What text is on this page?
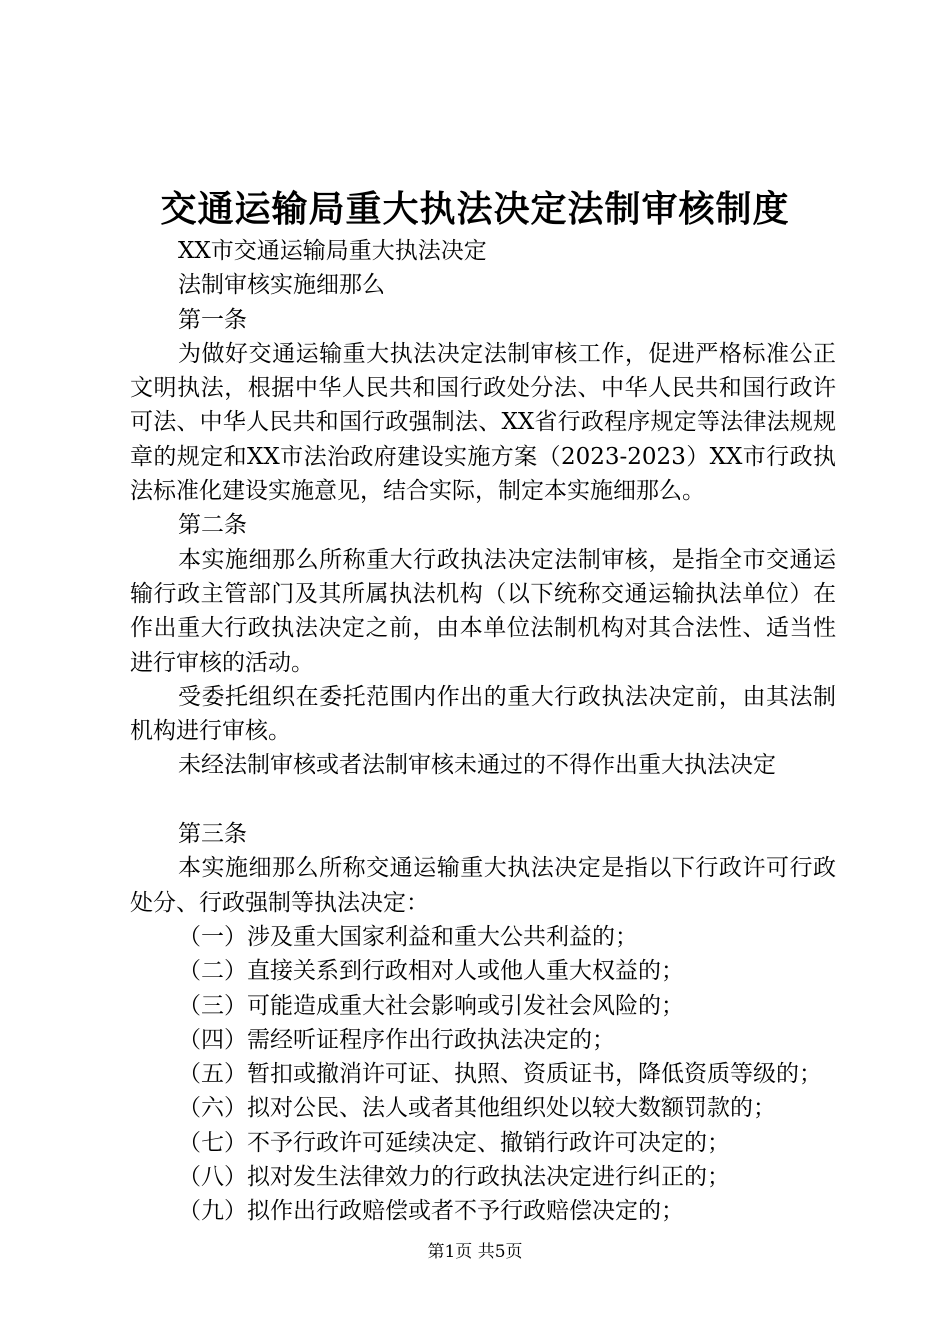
交通运输局重大执法决定法制审核制度

XX市交通运输局重大执法决定

法制审核实施细那么

第一条

为做好交通运输重大执法决定法制审核工作，促进严格标准公正文明执法，根据中华人民共和国行政处分法、中华人民共和国行政许可法、中华人民共和国行政强制法、XX省行政程序规定等法律法规规章的规定和XX市法治政府建设实施方案（2023-2023）XX市行政执法标准化建设实施意见，结合实际，制定本实施细那么。

第二条

本实施细那么所称重大行政执法决定法制审核，是指全市交通运输行政主管部门及其所属执法机构（以下统称交通运输执法单位）在作出重大行政执法决定之前，由本单位法制机构对其合法性、适当性进行审核的活动。

受委托组织在委托范围内作出的重大行政执法决定前，由其法制机构进行审核。

未经法制审核或者法制审核未通过的不得作出重大执法决定

第三条

本实施细那么所称交通运输重大执法决定是指以下行政许可行政处分、行政强制等执法决定：

（一）涉及重大国家利益和重大公共利益的；

（二）直接关系到行政相对人或他人重大权益的；

（三）可能造成重大社会影响或引发社会风险的；

（四）需经听证程序作出行政执法决定的；

（五）暂扣或撤消许可证、执照、资质证书，降低资质等级的；

（六）拟对公民、法人或者其他组织处以较大数额罚款的；

（七）不予行政许可延续决定、撤销行政许可决定的；

（八）拟对发生法律效力的行政执法决定进行纠正的；

（九）拟作出行政赔偿或者不予行政赔偿决定的；

第1页 共5页
